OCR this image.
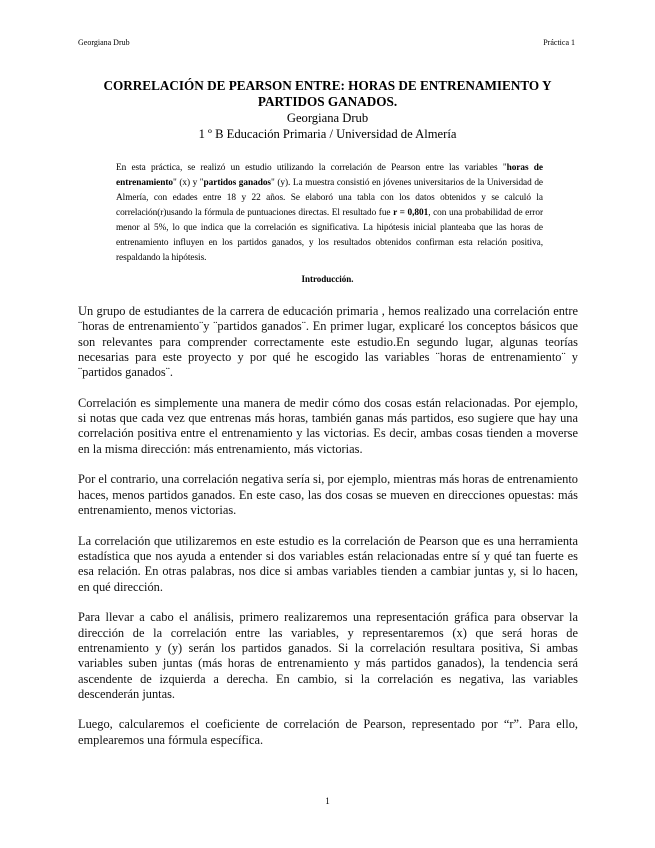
Georgiana Drub	Práctica 1
CORRELACIÓN DE PEARSON ENTRE: HORAS DE ENTRENAMIENTO Y
PARTIDOS GANADOS.
Georgiana Drub
1 º B Educación Primaria / Universidad de Almería
En esta práctica, se realizó un estudio utilizando la correlación de Pearson entre las variables "horas de entrenamiento" (x) y "partidos ganados" (y). La muestra consistió en jóvenes universitarios de la Universidad de Almería, con edades entre 18 y 22 años. Se elaboró una tabla con los datos obtenidos y se calculó la correlación(r)usando la fórmula de puntuaciones directas. El resultado fue r = 0,801, con una probabilidad de error menor al 5%, lo que indica que la correlación es significativa. La hipótesis inicial planteaba que las horas de entrenamiento influyen en los partidos ganados, y los resultados obtenidos confirman esta relación positiva, respaldando la hipótesis.
Introducción.

Un grupo de estudiantes de la carrera de educación primaria , hemos realizado una correlación entre ¨horas de entrenamiento¨y ¨partidos ganados¨. En primer lugar, explicaré los conceptos básicos que son relevantes para comprender correctamente este estudio.En segundo lugar, algunas teorías necesarias para este proyecto y por qué he escogido las variables ¨horas de entrenamiento¨ y ¨partidos ganados¨.

Correlación es simplemente una manera de medir cómo dos cosas están relacionadas. Por ejemplo, si notas que cada vez que entrenas más horas, también ganas más partidos, eso sugiere que hay una correlación positiva entre el entrenamiento y las victorias. Es decir, ambas cosas tienden a moverse en la misma dirección: más entrenamiento, más victorias.

Por el contrario, una correlación negativa sería si, por ejemplo, mientras más horas de entrenamiento haces, menos partidos ganados. En este caso, las dos cosas se mueven en direcciones opuestas: más entrenamiento, menos victorias.

La correlación que utilizaremos en este estudio es la correlación de Pearson que es una herramienta estadística que nos ayuda a entender si dos variables están relacionadas entre sí y qué tan fuerte es esa relación. En otras palabras, nos dice si ambas variables tienden a cambiar juntas y, si lo hacen, en qué dirección.

Para llevar a cabo el análisis, primero realizaremos una representación gráfica para observar la dirección de la correlación entre las variables, y representaremos (x) que será horas de entrenamiento y (y) serán los partidos ganados. Si la correlación resultara positiva, Si ambas variables suben juntas (más horas de entrenamiento y más partidos ganados), la tendencia será ascendente de izquierda a derecha. En cambio, si la correlación es negativa, las variables descenderán juntas.

Luego, calcularemos el coeficiente de correlación de Pearson, representado por “r”. Para ello, emplearemos una fórmula específica.

1
